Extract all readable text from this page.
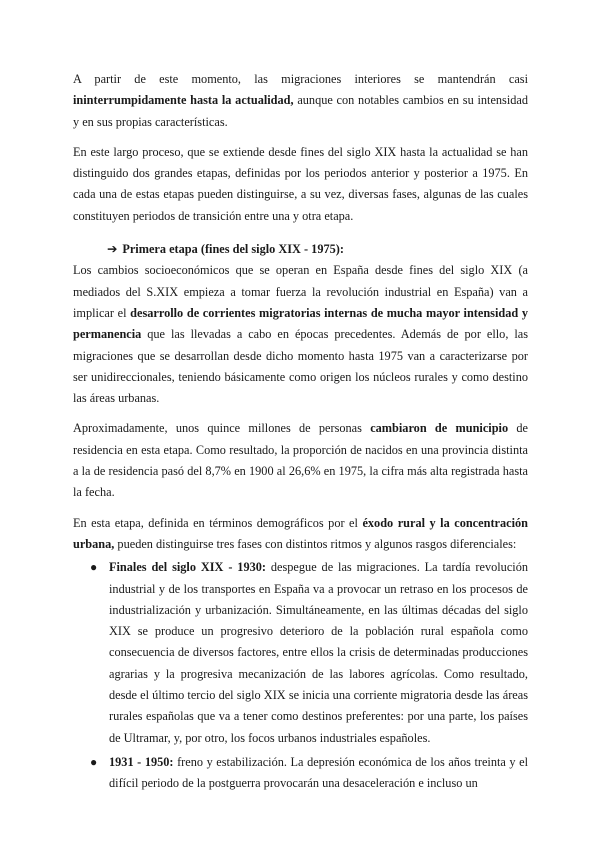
A partir de este momento, las migraciones interiores se mantendrán casi ininterrumpidamente hasta la actualidad, aunque con notables cambios en su intensidad y en sus propias características.

En este largo proceso, que se extiende desde fines del siglo XIX hasta la actualidad se han distinguido dos grandes etapas, definidas por los periodos anterior y posterior a 1975. En cada una de estas etapas pueden distinguirse, a su vez, diversas fases, algunas de las cuales constituyen periodos de transición entre una y otra etapa.

➔ Primera etapa (fines del siglo XIX - 1975):

Los cambios socioeconómicos que se operan en España desde fines del siglo XIX (a mediados del S.XIX empieza a tomar fuerza la revolución industrial en España) van a implicar el desarrollo de corrientes migratorias internas de mucha mayor intensidad y permanencia que las llevadas a cabo en épocas precedentes. Además de por ello, las migraciones que se desarrollan desde dicho momento hasta 1975 van a caracterizarse por ser unidireccionales, teniendo básicamente como origen los núcleos rurales y como destino las áreas urbanas.

Aproximadamente, unos quince millones de personas cambiaron de municipio de residencia en esta etapa. Como resultado, la proporción de nacidos en una provincia distinta a la de residencia pasó del 8,7% en 1900 al 26,6% en 1975, la cifra más alta registrada hasta la fecha.

En esta etapa, definida en términos demográficos por el éxodo rural y la concentración urbana, pueden distinguirse tres fases con distintos ritmos y algunos rasgos diferenciales:

● Finales del siglo XIX - 1930: despegue de las migraciones. La tardía revolución industrial y de los transportes en España va a provocar un retraso en los procesos de industrialización y urbanización. Simultáneamente, en las últimas décadas del siglo XIX se produce un progresivo deterioro de la población rural española como consecuencia de diversos factores, entre ellos la crisis de determinadas producciones agrarias y la progresiva mecanización de las labores agrícolas. Como resultado, desde el último tercio del siglo XIX se inicia una corriente migratoria desde las áreas rurales españolas que va a tener como destinos preferentes: por una parte, los países de Ultramar, y, por otro, los focos urbanos industriales españoles.
● 1931 - 1950: freno y estabilización. La depresión económica de los años treinta y el difícil periodo de la postguerra provocarán una desaceleración e incluso un
